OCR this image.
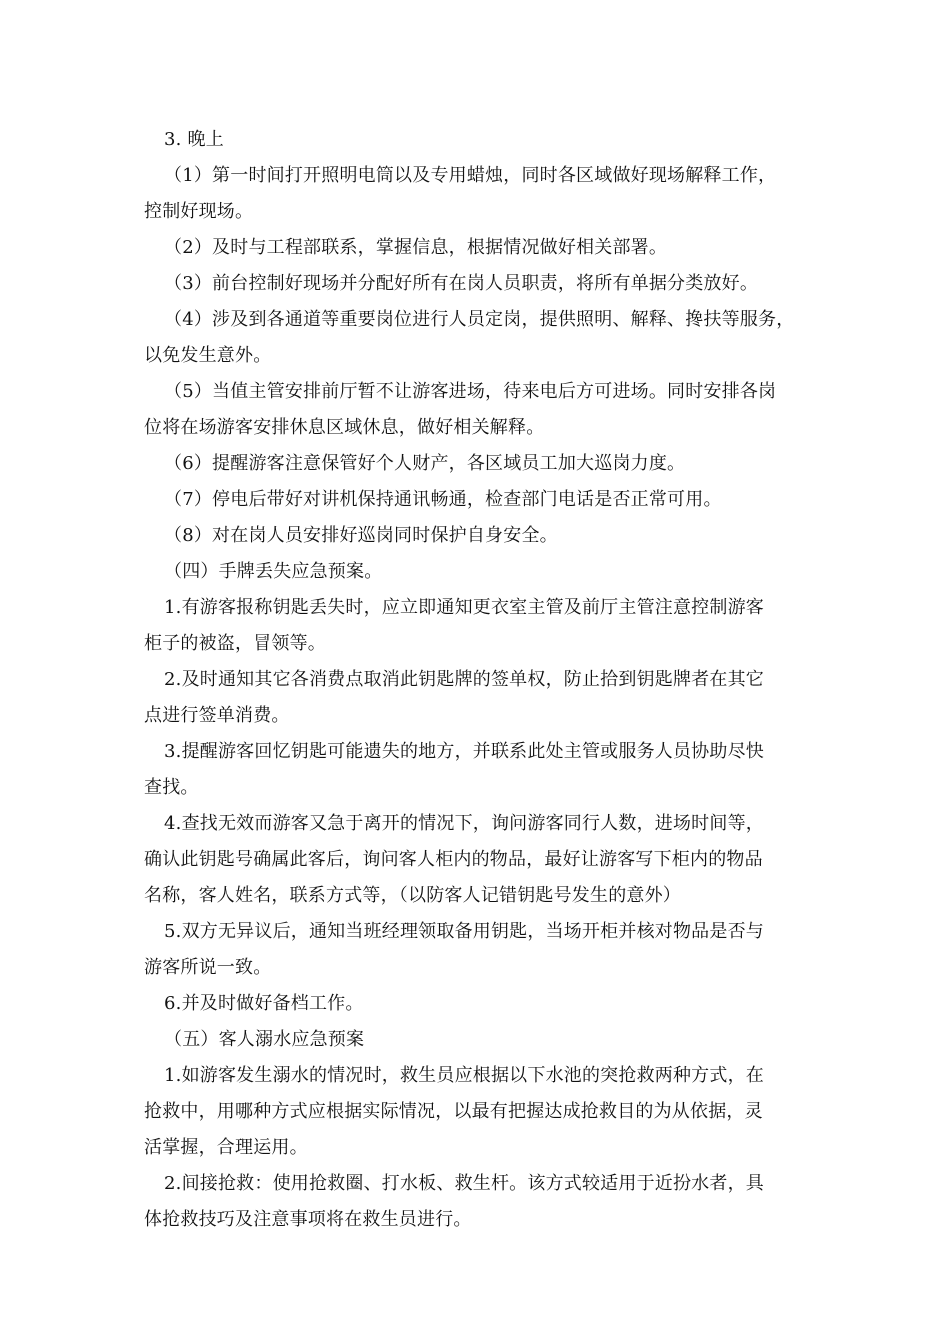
3. 晚上
（1）第一时间打开照明电筒以及专用蜡烛，同时各区域做好现场解释工作，
控制好现场。
（2）及时与工程部联系，掌握信息，根据情况做好相关部署。
（3）前台控制好现场并分配好所有在岗人员职责，将所有单据分类放好。
（4）涉及到各通道等重要岗位进行人员定岗，提供照明、解释、搀扶等服务，
以免发生意外。
（5）当值主管安排前厅暂不让游客进场，待来电后方可进场。同时安排各岗
位将在场游客安排休息区域休息，做好相关解释。
（6）提醒游客注意保管好个人财产，各区域员工加大巡岗力度。
（7）停电后带好对讲机保持通讯畅通，检查部门电话是否正常可用。
（8）对在岗人员安排好巡岗同时保护自身安全。
（四）手牌丢失应急预案。
1.有游客报称钥匙丢失时，应立即通知更衣室主管及前厅主管注意控制游客
柜子的被盗，冒领等。
2.及时通知其它各消费点取消此钥匙牌的签单权，防止拾到钥匙牌者在其它
点进行签单消费。
3.提醒游客回忆钥匙可能遗失的地方，并联系此处主管或服务人员协助尽快
查找。
4.查找无效而游客又急于离开的情况下，询问游客同行人数，进场时间等，
确认此钥匙号确属此客后，询问客人柜内的物品，最好让游客写下柜内的物品
名称，客人姓名，联系方式等，（以防客人记错钥匙号发生的意外）
5.双方无异议后，通知当班经理领取备用钥匙，当场开柜并核对物品是否与
游客所说一致。
6.并及时做好备档工作。
（五）客人溺水应急预案
1.如游客发生溺水的情况时，救生员应根据以下水池的突抢救两种方式，在
抢救中，用哪种方式应根据实际情况，以最有把握达成抢救目的为从依据，灵
活掌握，合理运用。
2.间接抢救：使用抢救圈、打水板、救生杆。该方式较适用于近扮水者，具
体抢救技巧及注意事项将在救生员进行。
